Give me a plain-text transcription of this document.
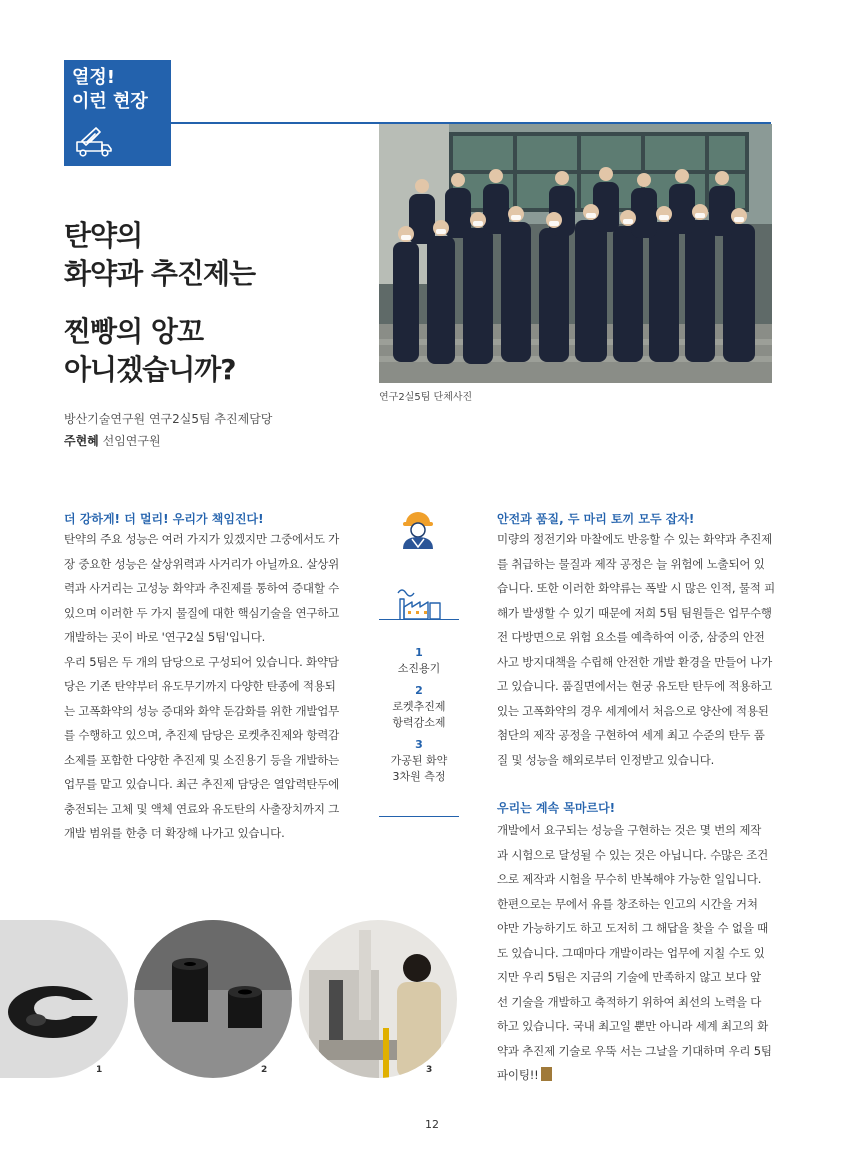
열정!
이런 현장
연구2실5팀 단체사진
탄약의
화약과 추진제는
찐빵의 앙꼬
아니겠습니까?
방산기술연구원 연구2실5팀 추진제담당
주현혜 선임연구원
더 강하게! 더 멀리! 우리가 책임진다!
탄약의 주요 성능은 여러 가지가 있겠지만 그중에서도 가
장 중요한 성능은 살상위력과 사거리가 아닐까요. 살상위
력과 사거리는 고성능 화약과 추진제를 통하여 증대할 수
있으며 이러한 두 가지 물질에 대한 핵심기술을 연구하고
개발하는 곳이 바로 '연구2실 5팀'입니다.
우리 5팀은 두 개의 담당으로 구성되어 있습니다. 화약담
당은 기존 탄약부터 유도무기까지 다양한 탄종에 적용되
는 고폭화약의 성능 증대와 화약 둔감화를 위한 개발업무
를 수행하고 있으며, 추진제 담당은 로켓추진제와 항력감
소제를 포함한 다양한 추진제 및 소진용기 등을 개발하는
업무를 맡고 있습니다. 최근 추진제 담당은 열압력탄두에
충전되는 고체 및 액체 연료와 유도탄의 사출장치까지 그
개발 범위를 한층 더 확장해 나가고 있습니다.
1
소진용기
2
로켓추진제
항력감소제
3
가공된 화약
3차원 측정
안전과 품질, 두 마리 토끼 모두 잡자!
미량의 정전기와 마찰에도 반응할 수 있는 화약과 추진제
를 취급하는 물질과 제작 공정은 늘 위험에 노출되어 있
습니다. 또한 이러한 화약류는 폭발 시 많은 인적, 물적 피
해가 발생할 수 있기 때문에 저희 5팀 팀원들은 업무수행
전 다방면으로 위험 요소를 예측하여 이중, 삼중의 안전
사고 방지대책을 수립해 안전한 개발 환경을 만들어 나가
고 있습니다. 품질면에서는 현궁 유도탄 탄두에 적용하고
있는 고폭화약의 경우 세계에서 처음으로 양산에 적용된
첨단의 제작 공정을 구현하여 세계 최고 수준의 탄두 품
질 및 성능을 해외로부터 인정받고 있습니다.
우리는 계속 목마르다!
개발에서 요구되는 성능을 구현하는 것은 몇 번의 제작
과 시험으로 달성될 수 있는 것은 아닙니다. 수많은 조건
으로 제작과 시험을 무수히 반복해야 가능한 일입니다.
한편으로는 무에서 유를 창조하는 인고의 시간을 거쳐
야만 가능하기도 하고 도저히 그 해답을 찾을 수 없을 때
도 있습니다. 그때마다 개발이라는 업무에 지칠 수도 있
지만 우리 5팀은 지금의 기술에 만족하지 않고 보다 앞
선 기술을 개발하고 축적하기 위하여 최선의 노력을 다
하고 있습니다. 국내 최고일 뿐만 아니라 세계 최고의 화
약과 추진제 기술로 우뚝 서는 그날을 기대하며 우리 5팀
파이팅!!
1	2	3
12
